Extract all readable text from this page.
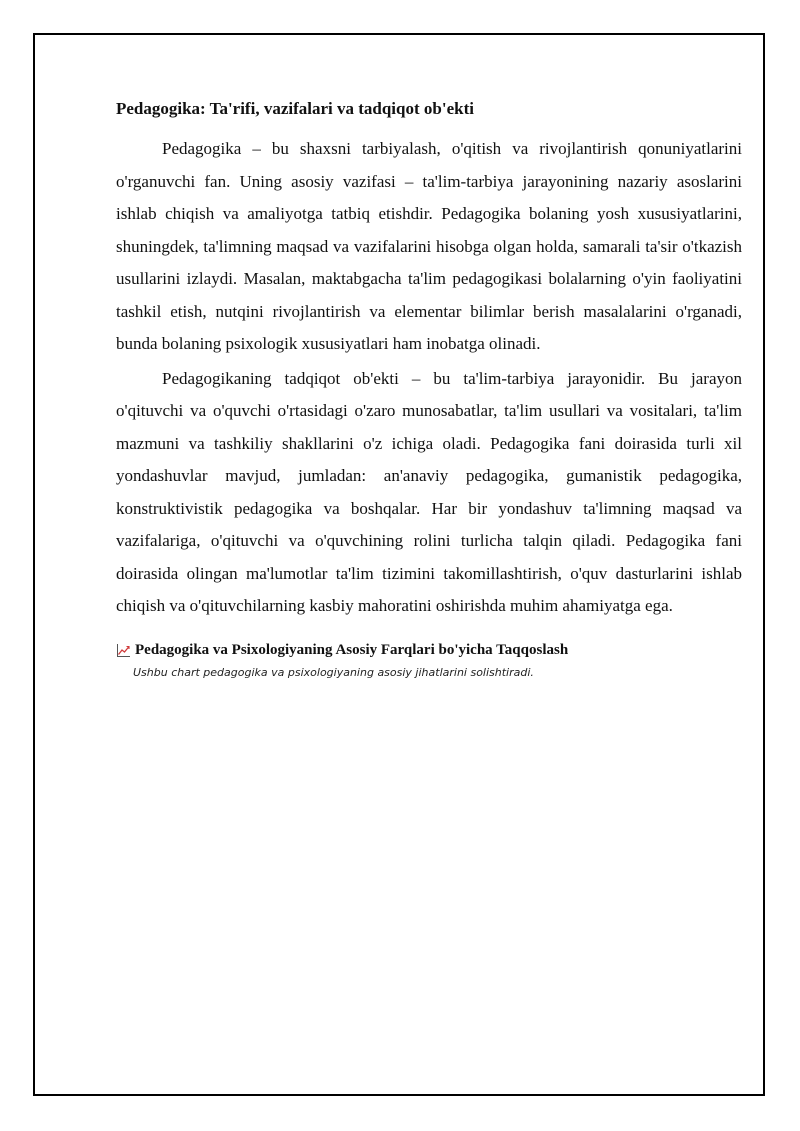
Pedagogika: Ta'rifi, vazifalari va tadqiqot ob'ekti

Pedagogika – bu shaxsni tarbiyalash, o'qitish va rivojlantirish qonuniyatlarini o'rganuvchi fan. Uning asosiy vazifasi – ta'lim-tarbiya jarayonining nazariy asoslarini ishlab chiqish va amaliyotga tatbiq etishdir. Pedagogika bolaning yosh xususiyatlarini, shuningdek, ta'limning maqsad va vazifalarini hisobga olgan holda, samarali ta'sir o'tkazish usullarini izlaydi. Masalan, maktabgacha ta'lim pedagogikasi bolalarning o'yin faoliyatini tashkil etish, nutqini rivojlantirish va elementar bilimlar berish masalalarini o'rganadi, bunda bolaning psixologik xususiyatlari ham inobatga olinadi.

Pedagogikaning tadqiqot ob'ekti – bu ta'lim-tarbiya jarayonidir. Bu jarayon o'qituvchi va o'quvchi o'rtasidagi o'zaro munosabatlar, ta'lim usullari va vositalari, ta'lim mazmuni va tashkiliy shakllarini o'z ichiga oladi. Pedagogika fani doirasida turli xil yondashuvlar mavjud, jumladan: an'anaviy pedagogika, gumanistik pedagogika, konstruktivistik pedagogika va boshqalar. Har bir yondashuv ta'limning maqsad va vazifalariga, o'qituvchi va o'quvchining rolini turlicha talqin qiladi. Pedagogika fani doirasida olingan ma'lumotlar ta'lim tizimini takomillashtirish, o'quv dasturlarini ishlab chiqish va o'qituvchilarning kasbiy mahoratini oshirishda muhim ahamiyatga ega.

Pedagogika va Psixologiyaning Asosiy Farqlari bo'yicha Taqqoslash
Ushbu chart pedagogika va psixologiyaning asosiy jihatlarini solishtiradi.
